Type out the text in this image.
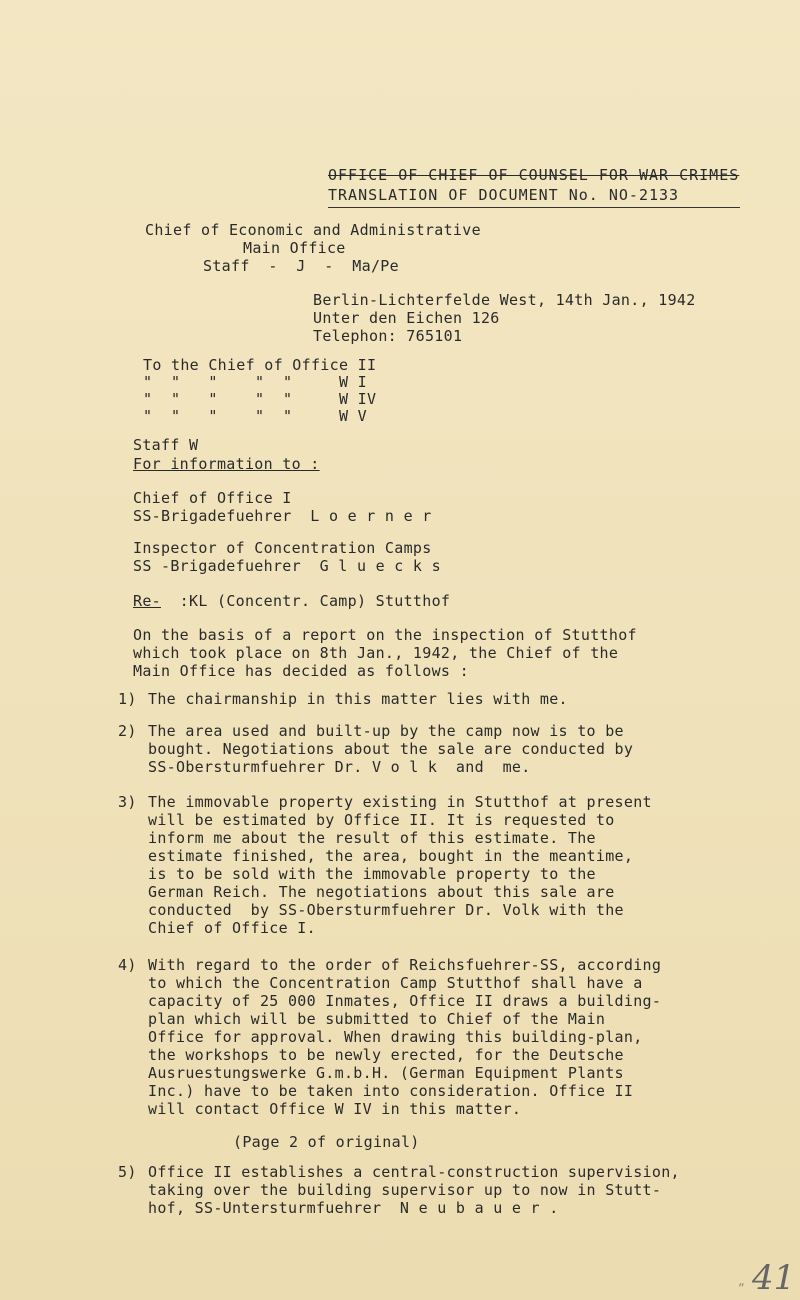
OFFICE OF CHIEF OF COUNSEL FOR WAR CRIMES
TRANSLATION OF DOCUMENT No. NO-2133
Chief of Economic and Administrative
Main Office
Staff  -  J  -  Ma/Pe
Berlin-Lichterfelde West, 14th Jan., 1942
Unter den Eichen 126
Telephon: 765101
To the Chief of Office II
"  "   "    "  "     W I
"  "   "    "  "     W IV
"  "   "    "  "     W V
Staff W
For information to :
Chief of Office I
SS-Brigadefuehrer  L o e r n e r
Inspector of Concentration Camps
SS -Brigadefuehrer  G l u e c k s
Re-  :KL (Concentr. Camp) Stutthof
On the basis of a report on the inspection of Stutthof
which took place on 8th Jan., 1942, the Chief of the
Main Office has decided as follows :
1) The chairmanship in this matter lies with me.
2) The area used and built-up by the camp now is to be
bought. Negotiations about the sale are conducted by
SS-Obersturmfuehrer Dr. V o l k  and  me.
3) The immovable property existing in Stutthof at present
will be estimated by Office II. It is requested to
inform me about the result of this estimate. The
estimate finished, the area, bought in the meantime,
is to be sold with the immovable property to the
German Reich. The negotiations about this sale are
conducted  by SS-Obersturmfuehrer Dr. Volk with the
Chief of Office I.
4) With regard to the order of Reichsfuehrer-SS, according
to which the Concentration Camp Stutthof shall have a
capacity of 25 000 Inmates, Office II draws a building-
plan which will be submitted to Chief of the Main
Office for approval. When drawing this building-plan,
the workshops to be newly erected, for the Deutsche
Ausruestungswerke G.m.b.H. (German Equipment Plants
Inc.) have to be taken into consideration. Office II
will contact Office W IV in this matter.
(Page 2 of original)
5) Office II establishes a central-construction supervision,
taking over the building supervisor up to now in Stutt-
hof, SS-Untersturmfuehrer  N e u b a u e r .
„ 41
